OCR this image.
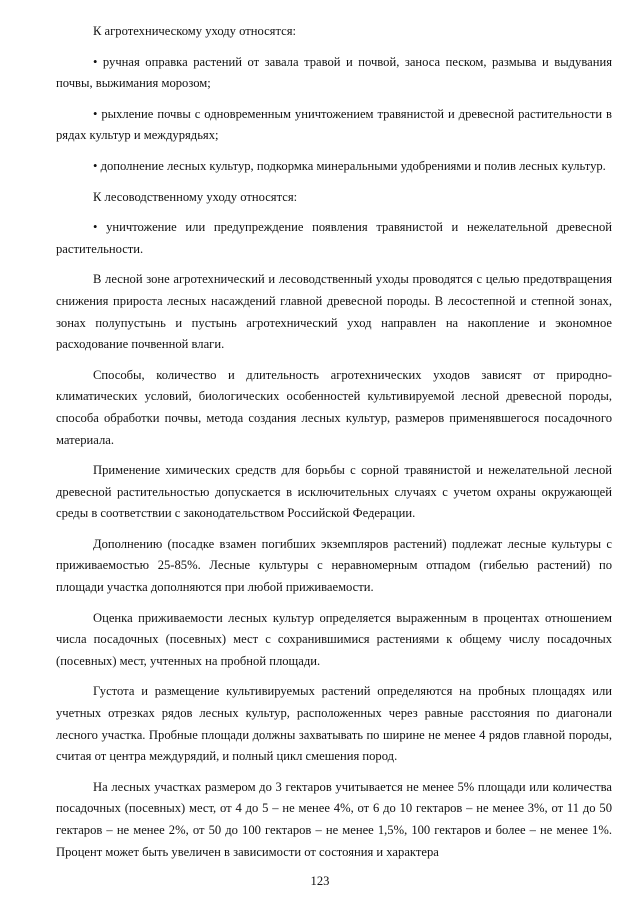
К агротехническому уходу относятся:

• ручная оправка растений от завала травой и почвой, заноса песком, размыва и выдувания почвы, выжимания морозом;

• рыхление почвы с одновременным уничтожением травянистой и древесной растительности в рядах культур и междурядьях;

• дополнение лесных культур, подкормка минеральными удобрениями и полив лесных культур.

К лесоводственному уходу относятся:

• уничтожение или предупреждение появления травянистой и нежелательной древесной растительности.

В лесной зоне агротехнический и лесоводственный уходы проводятся с целью предотвращения снижения прироста лесных насаждений главной древесной породы. В лесостепной и степной зонах, зонах полупустынь и пустынь агротехнический уход направлен на накопление и экономное расходование почвенной влаги.

Способы, количество и длительность агротехнических уходов зависят от природно-климатических условий, биологических особенностей культивируемой лесной древесной породы, способа обработки почвы, метода создания лесных культур, размеров применявшегося посадочного материала.

Применение химических средств для борьбы с сорной травянистой и нежелательной лесной древесной растительностью допускается в исключительных случаях с учетом охраны окружающей среды в соответствии с законодательством Российской Федерации.

Дополнению (посадке взамен погибших экземпляров растений) подлежат лесные культуры с приживаемостью 25-85%. Лесные культуры с неравномерным отпадом (гибелью растений) по площади участка дополняются при любой приживаемости.

Оценка приживаемости лесных культур определяется выраженным в процентах отношением числа посадочных (посевных) мест с сохранившимися растениями к общему числу посадочных (посевных) мест, учтенных на пробной площади.

Густота и размещение культивируемых растений определяются на пробных площадях или учетных отрезках рядов лесных культур, расположенных через равные расстояния по диагонали лесного участка. Пробные площади должны захватывать по ширине не менее 4 рядов главной породы, считая от центра междурядий, и полный цикл смешения пород.

На лесных участках размером до 3 гектаров учитывается не менее 5% площади или количества посадочных (посевных) мест, от 4 до 5 – не менее 4%, от 6 до 10 гектаров – не менее 3%, от 11 до 50 гектаров – не менее 2%, от 50 до 100 гектаров – не менее 1,5%, 100 гектаров и более – не менее 1%. Процент может быть увеличен в зависимости от состояния и характера

123
